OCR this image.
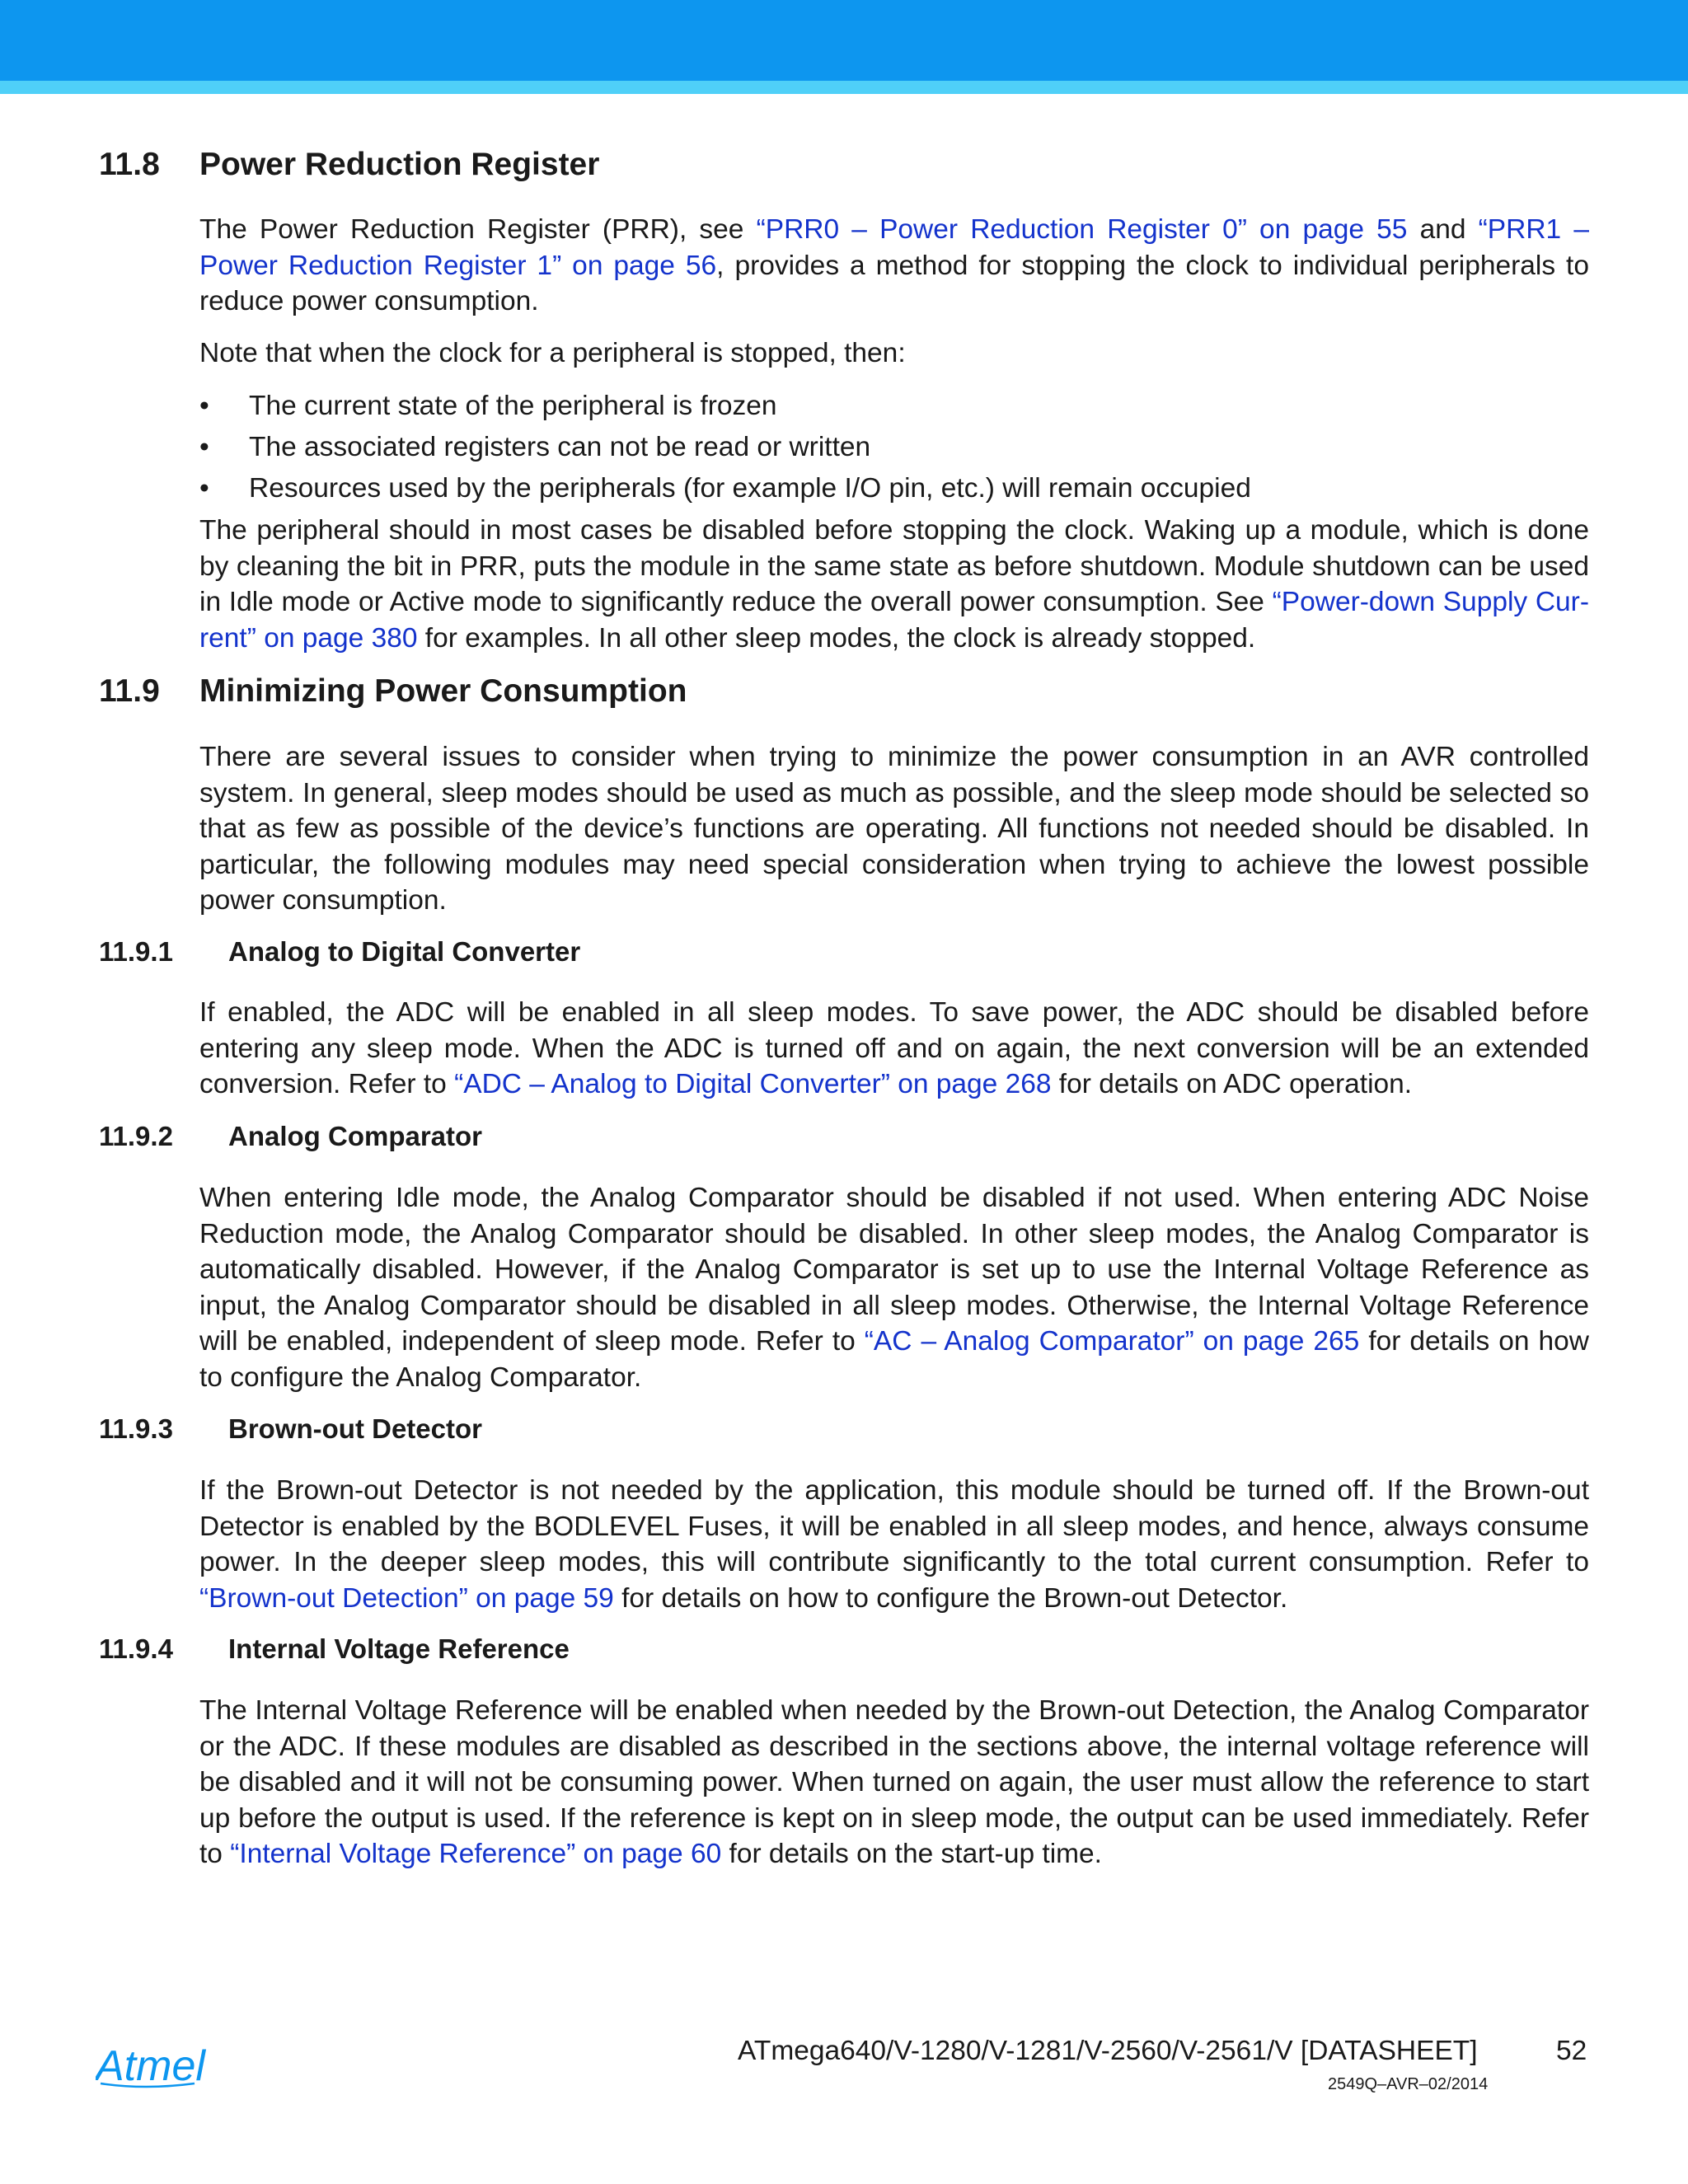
11.8 Power Reduction Register

The Power Reduction Register (PRR), see “PRR0 – Power Reduction Register 0” on page 55 and “PRR1 – Power Reduction Register 1” on page 56, provides a method for stopping the clock to individual peripherals to reduce power consumption.

Note that when the clock for a peripheral is stopped, then:

• The current state of the peripheral is frozen
• The associated registers can not be read or written
• Resources used by the peripherals (for example I/O pin, etc.) will remain occupied

The peripheral should in most cases be disabled before stopping the clock. Waking up a module, which is done by cleaning the bit in PRR, puts the module in the same state as before shutdown. Module shutdown can be used in Idle mode or Active mode to significantly reduce the overall power consumption. See “Power-down Supply Cur-rent” on page 380 for examples. In all other sleep modes, the clock is already stopped.

11.9 Minimizing Power Consumption

There are several issues to consider when trying to minimize the power consumption in an AVR controlled system. In general, sleep modes should be used as much as possible, and the sleep mode should be selected so that as few as possible of the device’s functions are operating. All functions not needed should be disabled. In particular, the following modules may need special consideration when trying to achieve the lowest possible power consumption.

11.9.1 Analog to Digital Converter

If enabled, the ADC will be enabled in all sleep modes. To save power, the ADC should be disabled before entering any sleep mode. When the ADC is turned off and on again, the next conversion will be an extended conversion. Refer to “ADC – Analog to Digital Converter” on page 268 for details on ADC operation.

11.9.2 Analog Comparator

When entering Idle mode, the Analog Comparator should be disabled if not used. When entering ADC Noise Reduction mode, the Analog Comparator should be disabled. In other sleep modes, the Analog Comparator is automatically disabled. However, if the Analog Comparator is set up to use the Internal Voltage Reference as input, the Analog Comparator should be disabled in all sleep modes. Otherwise, the Internal Voltage Reference will be enabled, independent of sleep mode. Refer to “AC – Analog Comparator” on page 265 for details on how to configure the Analog Comparator.

11.9.3 Brown-out Detector

If the Brown-out Detector is not needed by the application, this module should be turned off. If the Brown-out Detector is enabled by the BODLEVEL Fuses, it will be enabled in all sleep modes, and hence, always consume power. In the deeper sleep modes, this will contribute significantly to the total current consumption. Refer to “Brown-out Detection” on page 59 for details on how to configure the Brown-out Detector.

11.9.4 Internal Voltage Reference

The Internal Voltage Reference will be enabled when needed by the Brown-out Detection, the Analog Comparator or the ADC. If these modules are disabled as described in the sections above, the internal voltage reference will be disabled and it will not be consuming power. When turned on again, the user must allow the reference to start up before the output is used. If the reference is kept on in sleep mode, the output can be used immediately. Refer to “Internal Voltage Reference” on page 60 for details on the start-up time.

Atmel	ATmega640/V-1280/V-1281/V-2560/V-2561/V [DATASHEET]	52
2549Q–AVR–02/2014
